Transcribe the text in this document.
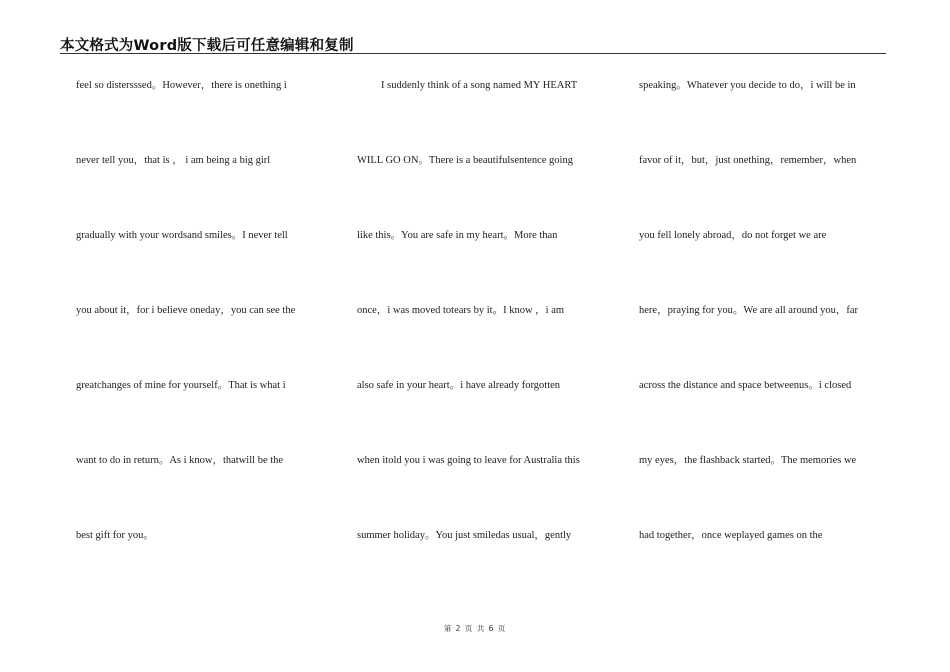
本文格式为Word版下载后可任意编辑和复制
feel so distersssed。However，there is onething i
never tell you，that is ， i am being a big girl
gradually with your wordsand smiles。I never tell
you about it，for i believe oneday，you can see the
greatchanges of mine for yourself。That is what i
want to do in return。As i know，thatwill be the
best gift for you。
I suddenly think of a song named MY HEART
WILL GO ON。There is a beautifulsentence going
like this。You are safe in my heart。More than
once，i was moved totears by it。I know ，i am
also safe in your heart。i have already forgotten
when itold you i was going to leave for Australia this
summer holiday。You just smiledas usual，gently
speaking。Whatever you decide to do，i will be in
favor of it，but，just onething，remember，when
you fell lonely abroad，do not forget we are
here，praying for you。We are all around you，far
across the distance and space betweenus。i closed
my eyes，the flashback started。The memories we
had together，once weplayed games on the
第 2 页 共 6 页
